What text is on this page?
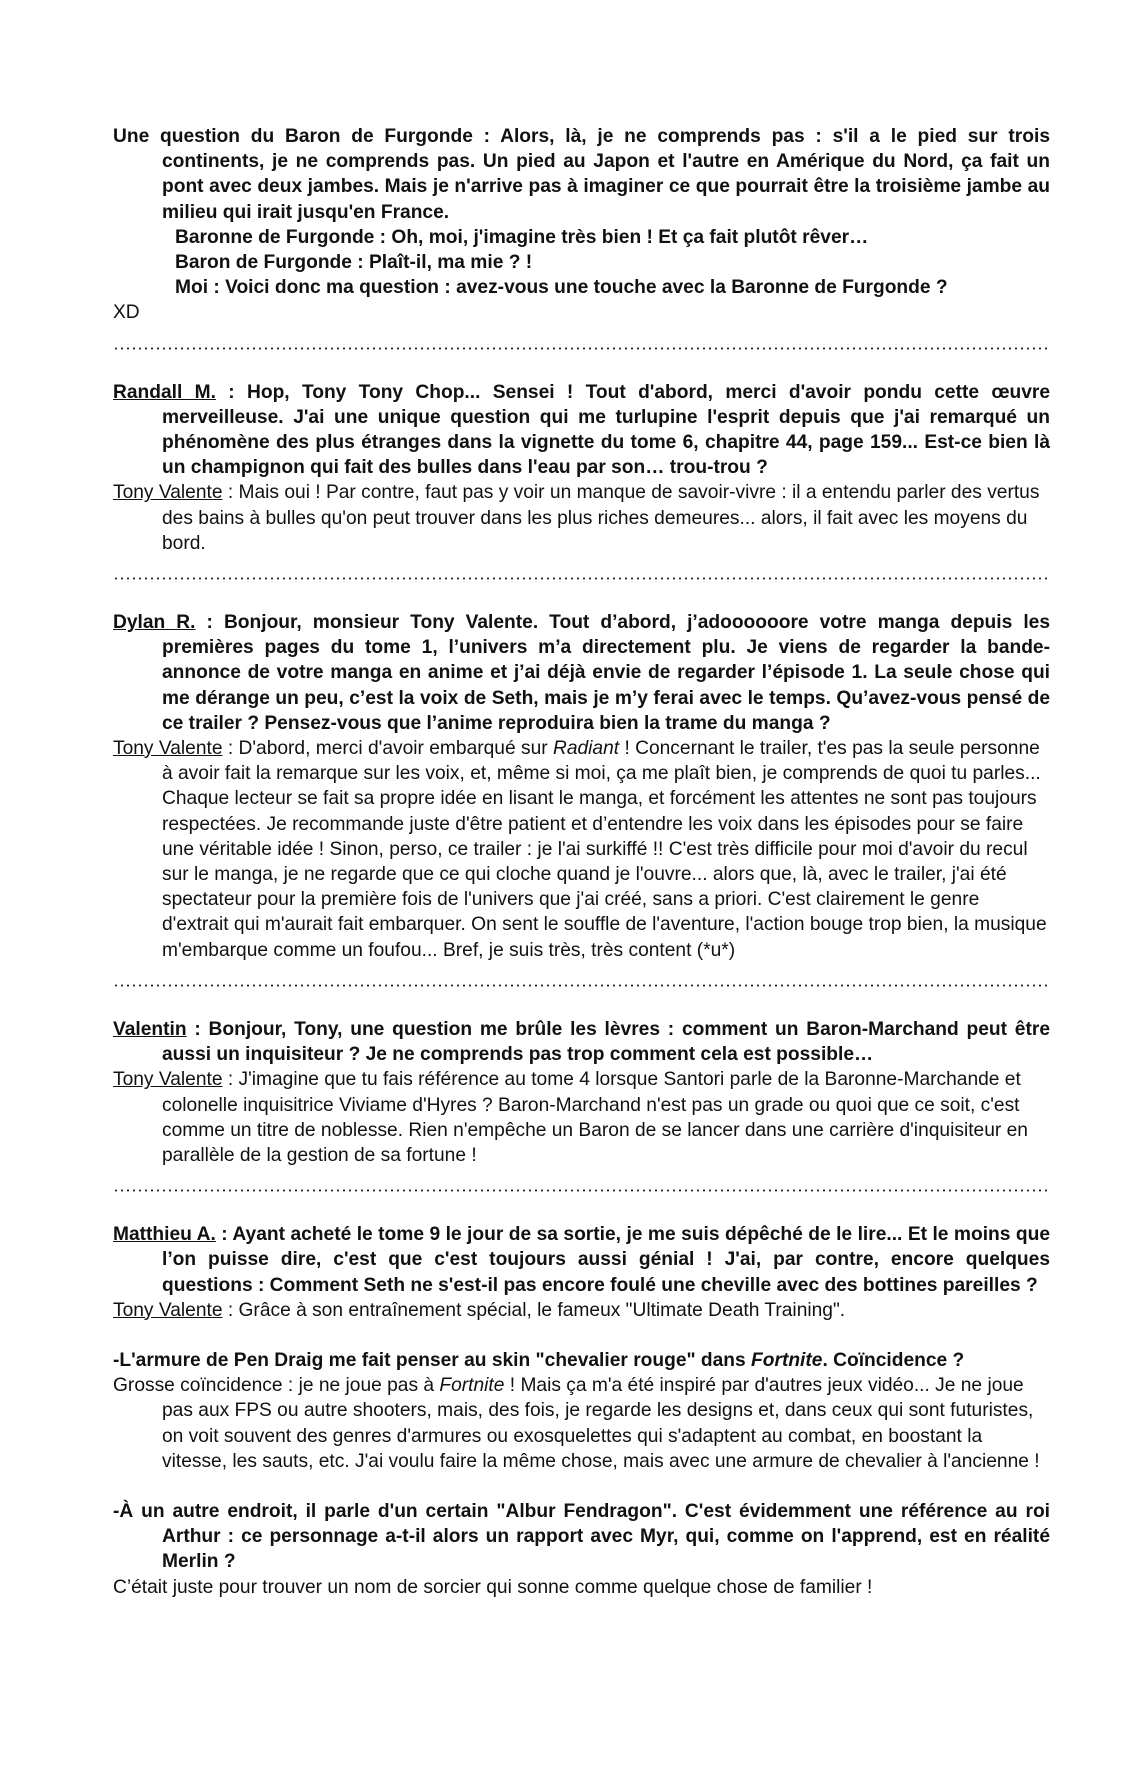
Une question du Baron de Furgonde : Alors, là, je ne comprends pas : s'il a le pied sur trois continents, je ne comprends pas. Un pied au Japon et l'autre en Amérique du Nord, ça fait un pont avec deux jambes. Mais je n'arrive pas à imaginer ce que pourrait être la troisième jambe au milieu qui irait jusqu'en France.

Baronne de Furgonde : Oh, moi, j'imagine très bien ! Et ça fait plutôt rêver…

Baron de Furgonde : Plaît-il, ma mie ? !

Moi : Voici donc ma question : avez-vous une touche avec la Baronne de Furgonde ?

XD

Randall M. : Hop, Tony Tony Chop... Sensei ! Tout d'abord, merci d'avoir pondu cette œuvre merveilleuse. J'ai une unique question qui me turlupine l'esprit depuis que j'ai remarqué un phénomène des plus étranges dans la vignette du tome 6, chapitre 44, page 159... Est-ce bien là un champignon qui fait des bulles dans l'eau par son… trou-trou ?

Tony Valente : Mais oui ! Par contre, faut pas y voir un manque de savoir-vivre : il a entendu parler des vertus des bains à bulles qu'on peut trouver dans les plus riches demeures... alors, il fait avec les moyens du bord.

Dylan R. : Bonjour, monsieur Tony Valente. Tout d’abord, j’adoooooore votre manga depuis les premières pages du tome 1, l’univers m’a directement plu. Je viens de regarder la bande-annonce de votre manga en anime et j’ai déjà envie de regarder l’épisode 1. La seule chose qui me dérange un peu, c’est la voix de Seth, mais je m’y ferai avec le temps. Qu’avez-vous pensé de ce trailer ? Pensez-vous que l’anime reproduira bien la trame du manga ?

Tony Valente : D'abord, merci d'avoir embarqué sur Radiant ! Concernant le trailer, t'es pas la seule personne à avoir fait la remarque sur les voix, et, même si moi, ça me plaît bien, je comprends de quoi tu parles... Chaque lecteur se fait sa propre idée en lisant le manga, et forcément les attentes ne sont pas toujours respectées. Je recommande juste d'être patient et d’entendre les voix dans les épisodes pour se faire une véritable idée ! Sinon, perso, ce trailer : je l'ai surkiffé !! C'est très difficile pour moi d'avoir du recul sur le manga, je ne regarde que ce qui cloche quand je l'ouvre... alors que, là, avec le trailer, j'ai été spectateur pour la première fois de l'univers que j'ai créé, sans a priori. C'est clairement le genre d'extrait qui m'aurait fait embarquer. On sent le souffle de l'aventure, l'action bouge trop bien, la musique m'embarque comme un foufou... Bref, je suis très, très content (*u*)

Valentin : Bonjour, Tony, une question me brûle les lèvres : comment un Baron-Marchand peut être aussi un inquisiteur ? Je ne comprends pas trop comment cela est possible…

Tony Valente : J'imagine que tu fais référence au tome 4 lorsque Santori parle de la Baronne-Marchande et colonelle inquisitrice Viviame d'Hyres ? Baron-Marchand n'est pas un grade ou quoi que ce soit, c'est comme un titre de noblesse. Rien n'empêche un Baron de se lancer dans une carrière d'inquisiteur en parallèle de la gestion de sa fortune !

Matthieu A. : Ayant acheté le tome 9 le jour de sa sortie, je me suis dépêché de le lire... Et le moins que l’on puisse dire, c'est que c'est toujours aussi génial ! J'ai, par contre, encore quelques questions : Comment Seth ne s'est-il pas encore foulé une cheville avec des bottines pareilles ?

Tony Valente : Grâce à son entraînement spécial, le fameux "Ultimate Death Training".

-L'armure de Pen Draig me fait penser au skin "chevalier rouge" dans Fortnite. Coïncidence ?

Grosse coïncidence : je ne joue pas à Fortnite ! Mais ça m'a été inspiré par d'autres jeux vidéo... Je ne joue pas aux FPS ou autre shooters, mais, des fois, je regarde les designs et, dans ceux qui sont futuristes, on voit souvent des genres d'armures ou exosquelettes qui s'adaptent au combat, en boostant la vitesse, les sauts, etc. J'ai voulu faire la même chose, mais avec une armure de chevalier à l'ancienne !

-À un autre endroit, il parle d'un certain "Albur Fendragon". C'est évidemment une référence au roi Arthur : ce personnage a-t-il alors un rapport avec Myr, qui, comme on l'apprend, est en réalité Merlin ?

C’était juste pour trouver un nom de sorcier qui sonne comme quelque chose de familier !
